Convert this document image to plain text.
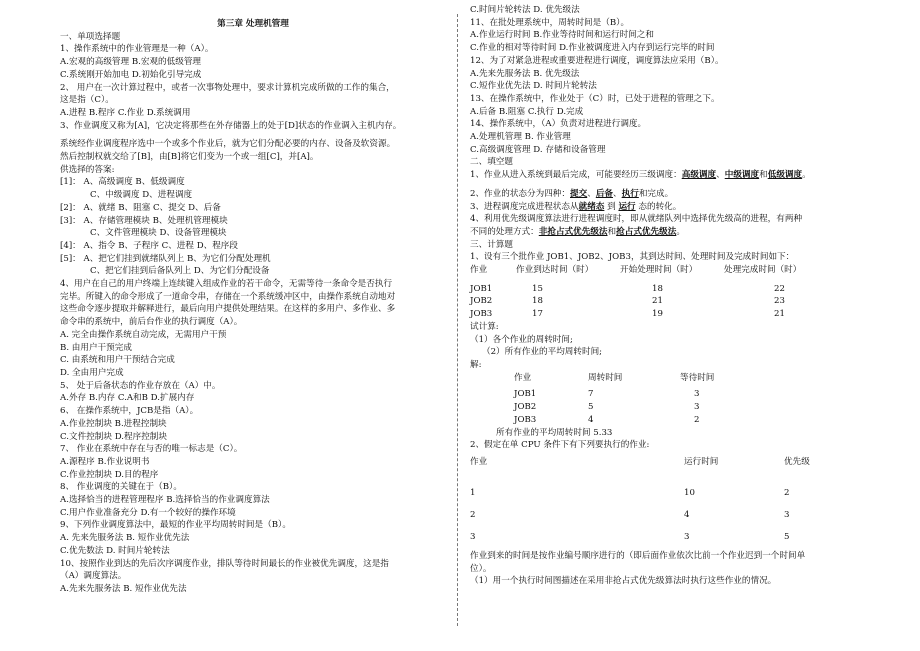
第三章 处理机管理
一、单项选择题
1、操作系统中的作业管理是一种（A）。
A.宏观的高级管理 B.宏观的低级管理
C.系统刚开始加电 D.初始化引导完成
2、 用户在一次计算过程中，或者一次事物处理中，要求计算机完成所做的工作的集合，
这是指（C）。
A.进程 B.程序 C.作业 D.系统调用
3、作业调度又称为[A]，它决定将那些在外存储器上的处于[D]状态的作业调入主机内存。
系统经作业调度程序选中一个或多个作业后，就为它们分配必要的内存、设备及软资源。
然后控制权就交给了[B]，由[B]将它们变为一个或一组[C]，并[A]。
供选择的答案:
[1]： A、高级调度 B、低级调度
C、中级调度 D、进程调度
[2]： A、就绪 B、阻塞 C、提交 D、后备
[3]： A、存储管理模块 B、处理机管理模块
C、文件管理模块 D、设备管理模块
[4]： A、指令 B、子程序 C、进程 D、程序段
[5]： A、把它们挂到就绪队列上 B、为它们分配处理机
C、把它们挂到后备队列上 D、为它们分配设备
4、用户在自己的用户终端上连续键入组成作业的若干命令，无需等待一条命令是否执行
完毕。所键入的命令形成了一道命令串，存储在一个系统缓冲区中，由操作系统自动地对
这些命令逐步提取并解释进行，最后向用户提供处理结果。在这样的多用户、多作业、多
命令串的系统中，前后台作业的执行调度（A）。
A. 完全由操作系统自动完成，无需用户干预
B. 由用户干预完成
C. 由系统和用户干预结合完成
D. 全由用户完成
5、 处于后备状态的作业存放在（A）中。
A.外存 B.内存 C.A和B D.扩展内存
6、 在操作系统中，JCB是指（A）。
A.作业控制块 B.进程控制块
C.文件控制块 D.程序控制块
7、 作业在系统中存在与否的唯一标志是（C）。
A.源程序 B.作业说明书
C.作业控制块 D.目的程序
8、 作业调度的关键在于（B）。
A.选择恰当的进程管理程序 B.选择恰当的作业调度算法
C.用户作业准备充分 D.有一个较好的操作环境
9、下列作业调度算法中，最短的作业平均周转时间是（B）。
A. 先来先服务法 B. 短作业优先法
C.优先数法 D. 时间片轮转法
10、按照作业到达的先后次序调度作业，排队等待时间最长的作业被优先调度，这是指
（A）调度算法。
A.先来先服务法 B. 短作业优先法
C.时间片轮转法 D. 优先级法
11、在批处理系统中，周转时间是（B）。
A.作业运行时间 B.作业等待时间和运行时间之和
C.作业的相对等待时间 D.作业被调度进入内存到运行完毕的时间
12、为了对紧急进程或重要进程进行调度，调度算法应采用（B）。
A.先来先服务法 B. 优先级法
C.短作业优先法 D. 时间片轮转法
13、在操作系统中，作业处于（C）时，已处于进程的管理之下。
A.后备 B.阻塞 C.执行 D.完成
14、操作系统中，（A）负责对进程进行调度。
A.处理机管理 B. 作业管理
C.高级调度管理 D. 存储和设备管理
二、填空题
1、作业从进入系统到最后完成，可能要经历三级调度：高级调度、中级调度和低级调度。
2、作业的状态分为四种：提交、后备、执行和完成。
3、进程调度完成进程状态从就绪态 到 运行 态的转化。
4、利用优先级调度算法进行进程调度时，即从就绪队列中选择优先级高的进程，有两种
不同的处理方式：非抢占式优先级法和抢占式优先级法。
三、计算题
1、设有三个批作业 JOB1、JOB2、JOB3，其到达时间、处理时间及完成时间如下：
作业	作业到达时间（时）	开始处理时间（时）	处理完成时间（时）

JOB1	15	18	22
JOB2	18	21	23
JOB3	17	19	21
试计算:
（1）各个作业的周转时间;
（2）所有作业的平均周转时间;
解:
作业	周转时间	等待时间

JOB1	7	3
JOB2	5	3
JOB3	4	2
所有作业的平均周转时间 5.33
2、假定在单 CPU 条件下有下列要执行的作业:
作业	运行时间	优先级
1	10	2
2	4	3
3	3	5
作业到来的时间是按作业编号顺序进行的（即后面作业依次比前一个作业迟到一个时间单
位）。
（1）用一个执行时间图描述在采用非抢占式优先级算法时执行这些作业的情况。
